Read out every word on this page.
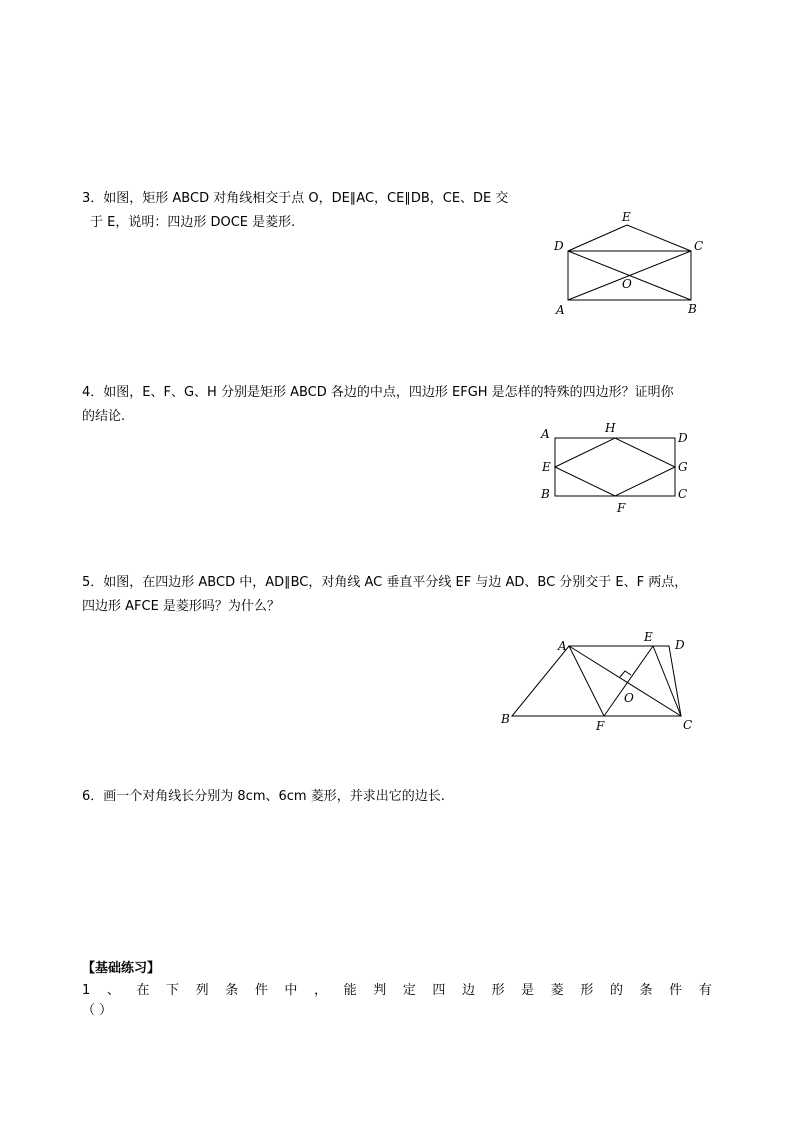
3．如图，矩形 ABCD 对角线相交于点 O，DE∥AC，CE∥DB，CE、DE 交
于 E，说明：四边形 DOCE 是菱形.	E
D	C
O
A	B
4．如图，E、F、G、H 分别是矩形 ABCD 各边的中点，四边形 EFGH 是怎样的特殊的四边形？证明你
的结论.
A	H
D
E	G
B
F
C
5．如图，在四边形 ABCD 中，AD∥BC，对角线 AC 垂直平分线 EF 与边 AD、BC 分别交于 E、F 两点，
四边形 AFCE 是菱形吗？为什么？
A
E
D
O
B	F	C
6．画一个对角线长分别为 8cm、6cm 菱形，并求出它的边长.
【基础练习】
1 、 在 下 列 条 件 中 ， 能 判 定 四 边 形 是 菱 形 的 条 件 有
（ ）
